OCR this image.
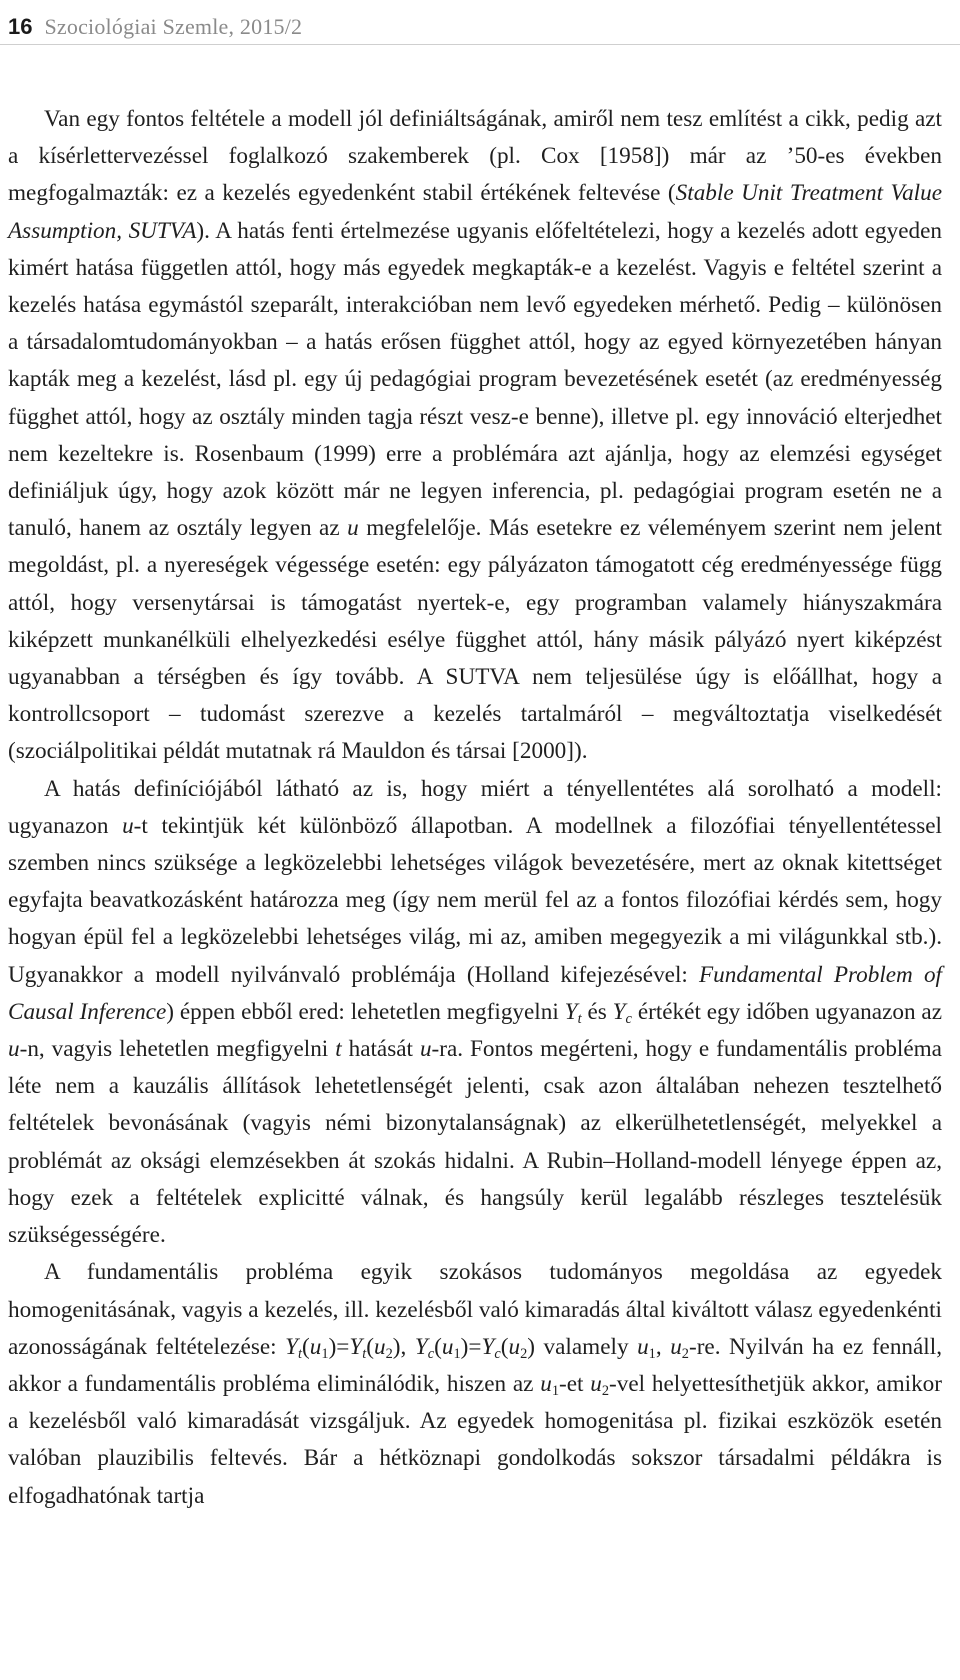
16 Szociológiai Szemle, 2015/2

Van egy fontos feltétele a modell jól definiáltságának, amiről nem tesz említést a cikk, pedig azt a kísérlettervezéssel foglalkozó szakemberek (pl. Cox [1958]) már az ’50-es években megfogalmazták: ez a kezelés egyedenként stabil értékének feltevése (Stable Unit Treatment Value Assumption, SUTVA). A hatás fenti értelmezése ugyanis előfeltételezi, hogy a kezelés adott egyeden kimért hatása független attól, hogy más egyedek megkapták-e a kezelést. Vagyis e feltétel szerint a kezelés hatása egymástól szeparált, interakcióban nem levő egyedeken mérhető. Pedig – különösen a társadalomtudományokban – a hatás erősen függhet attól, hogy az egyed környezetében hányan kapták meg a kezelést, lásd pl. egy új pedagógiai program bevezetésének esetét (az eredményesség függhet attól, hogy az osztály minden tagja részt vesz-e benne), illetve pl. egy innováció elterjedhet nem kezeltekre is. Rosenbaum (1999) erre a problémára azt ajánlja, hogy az elemzési egységet definiáljuk úgy, hogy azok között már ne legyen inferencia, pl. pedagógiai program esetén ne a tanuló, hanem az osztály legyen az u megfelelője. Más esetekre ez véleményem szerint nem jelent megoldást, pl. a nyereségek végessége esetén: egy pályázaton támogatott cég eredményessége függ attól, hogy versenytársai is támogatást nyertek-e, egy programban valamely hiányszakmára kiképzett munkanélküli elhelyezkedési esélye függhet attól, hány másik pályázó nyert kiképzést ugyanabban a térségben és így tovább. A SUTVA nem teljesülése úgy is előállhat, hogy a kontrollcsoport – tudomást szerezve a kezelés tartalmáról – megváltoztatja viselkedését (szociálpolitikai példát mutatnak rá Mauldon és társai [2000]).

A hatás definíciójából látható az is, hogy miért a tényellentétes alá sorolható a modell: ugyanazon u-t tekintjük két különböző állapotban. A modellnek a filozófiai tényellentétessel szemben nincs szüksége a legközelebbi lehetséges világok bevezetésére, mert az oknak kitettséget egyfajta beavatkozásként határozza meg (így nem merül fel az a fontos filozófiai kérdés sem, hogy hogyan épül fel a legközelebbi lehetséges világ, mi az, amiben megegyezik a mi világunkkal stb.). Ugyanakkor a modell nyilvánvaló problémája (Holland kifejezésével: Fundamental Problem of Causal Inference) éppen ebből ered: lehetetlen megfigyelni $Y_t$ és $Y_c$ értékét egy időben ugyanazon az u-n, vagyis lehetetlen megfigyelni t hatását u-ra. Fontos megérteni, hogy e fundamentális probléma léte nem a kauzális állítások lehetetlenségét jelenti, csak azon általában nehezen tesztelhető feltételek bevonásának (vagyis némi bizonytalanságnak) az elkerülhetetlenségét, melyekkel a problémát az oksági elemzésekben át szokás hidalni. A Rubin–Holland-modell lényege éppen az, hogy ezek a feltételek explicitté válnak, és hangsúly kerül legalább részleges tesztelésük szükségességére.

A fundamentális probléma egyik szokásos tudományos megoldása az egyedek homogenitásának, vagyis a kezelés, ill. kezelésből való kimaradás által kiváltott válasz egyedenkénti azonosságának feltételezése: $Y_t(u_1)=Y_t(u_2)$, $Y_c(u_1)=Y_c(u_2)$ valamely $u_1$, $u_2-re$. Nyilván ha ez fennáll, akkor a fundamentális probléma eliminálódik, hiszen az $u_1-et$ $u_2$-vel helyettesíthetjük akkor, amikor a kezelésből való kimaradását vizsgáljuk. Az egyedek homogenitása pl. fizikai eszközök esetén valóban plauzibilis feltevés. Bár a hétköznapi gondolkodás sokszor társadalmi példákra is elfogadhatónak tartja
